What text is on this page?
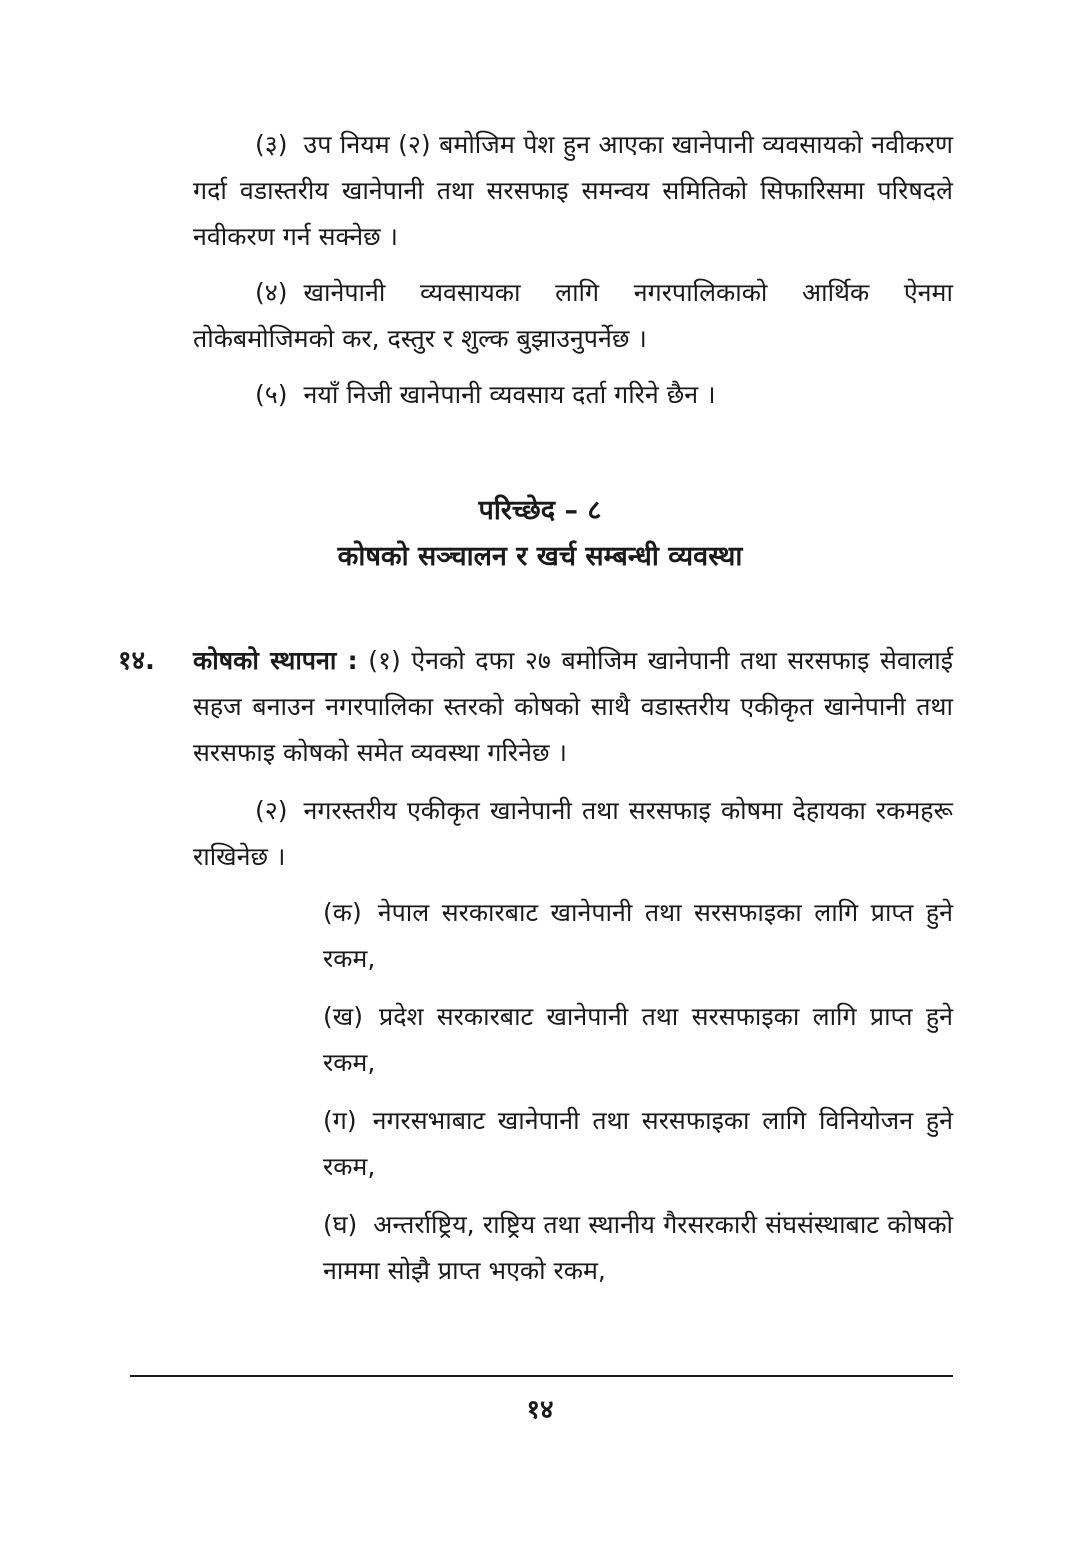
(३) उप नियम (२) बमोजिम पेश हुन आएका खानेपानी व्यवसायको नवीकरण गर्दा वडास्तरीय खानेपानी तथा सरसफाइ समन्वय समितिको सिफारिसमा परिषदले नवीकरण गर्न सक्नेछ ।
(४) खानेपानी व्यवसायका लागि नगरपालिकाको आर्थिक ऐनमा तोकेबमोजिमको कर, दस्तुर र शुल्क बुझाउनुपर्नेछ ।
(५) नयाँ निजी खानेपानी व्यवसाय दर्ता गरिने छैन ।
परिच्छेद – ८
कोषको सञ्चालन र खर्च सम्बन्धी व्यवस्था
१४. कोषको स्थापना : (१) ऐनको दफा २७ बमोजिम खानेपानी तथा सरसफाइ सेवालाई सहज बनाउन नगरपालिका स्तरको कोषको साथै वडास्तरीय एकीकृत खानेपानी तथा सरसफाइ कोषको समेत व्यवस्था गरिनेछ ।
(२) नगरस्तरीय एकीकृत खानेपानी तथा सरसफाइ कोषमा देहायका रकमहरू राखिनेछ ।
(क) नेपाल सरकारबाट खानेपानी तथा सरसफाइका लागि प्राप्त हुने रकम,
(ख) प्रदेश सरकारबाट खानेपानी तथा सरसफाइका लागि प्राप्त हुने रकम,
(ग) नगरसभाबाट खानेपानी तथा सरसफाइका लागि विनियोजन हुने रकम,
(घ) अन्तर्राष्ट्रिय, राष्ट्रिय तथा स्थानीय गैरसरकारी संघसंस्थाबाट कोषको नाममा सोझै प्राप्त भएको रकम,
१४
